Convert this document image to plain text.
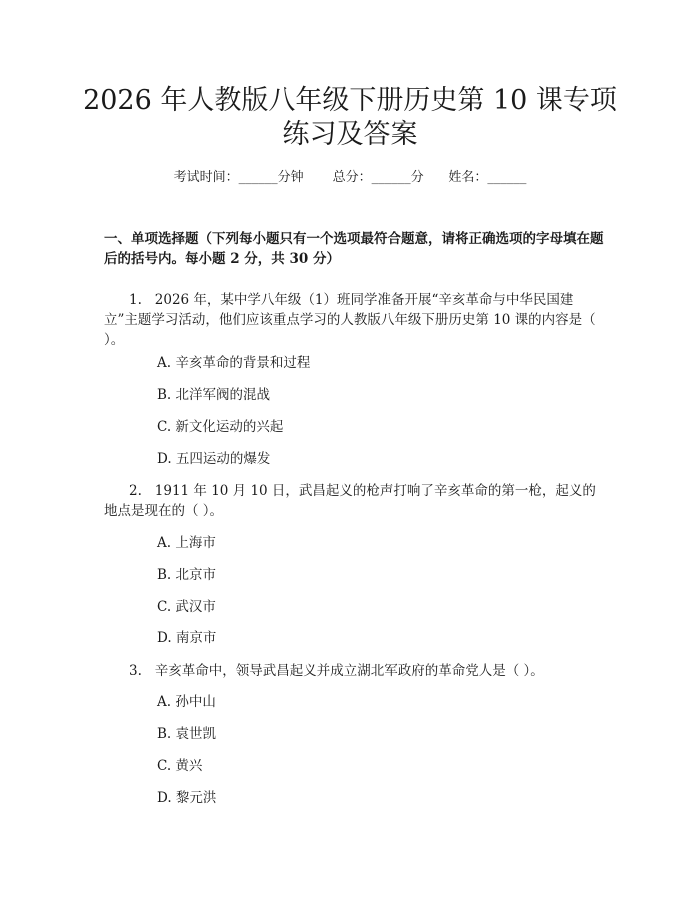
2026 年人教版八年级下册历史第 10 课专项
练习及答案
考试时间：______分钟 总分：______分 姓名：______
一、单项选择题（下列每小题只有一个选项最符合题意，请将正确选项的字母填在题后的括号内。每小题 2 分，共 30 分）
1. 2026 年，某中学八年级（1）班同学准备开展“辛亥革命与中华民国建立”主题学习活动，他们应该重点学习的人教版八年级下册历史第 10 课的内容是（ ）。
A. 辛亥革命的背景和过程
B. 北洋军阀的混战
C. 新文化运动的兴起
D. 五四运动的爆发
2. 1911 年 10 月 10 日，武昌起义的枪声打响了辛亥革命的第一枪，起义的地点是现在的（ ）。
A. 上海市
B. 北京市
C. 武汉市
D. 南京市
3. 辛亥革命中，领导武昌起义并成立湖北军政府的革命党人是（ ）。
A. 孙中山
B. 袁世凯
C. 黄兴
D. 黎元洪
